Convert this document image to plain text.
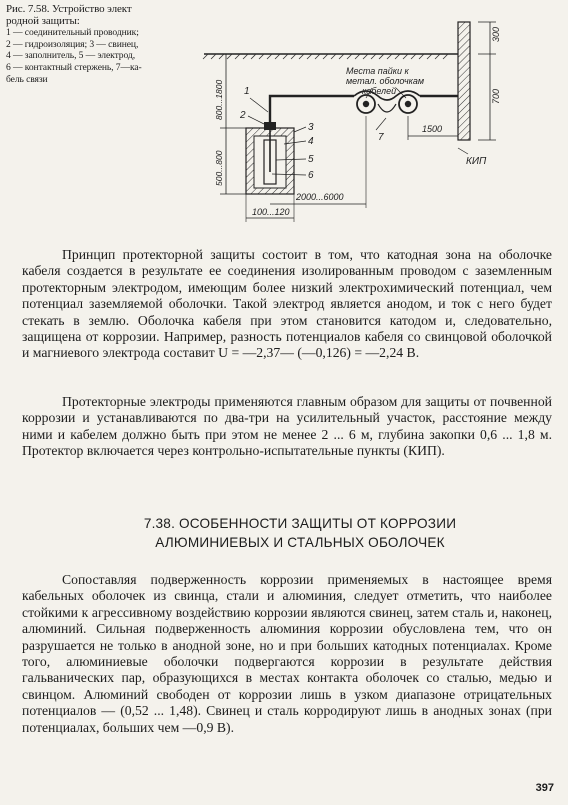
Рис. 7.58. Устройство элект
родной защиты:
1 — соединительный проводник;
2 — гидроизоляция; 3 — свинец,
4 — заполнитель, 5 — электрод,
6 — контактный стержень, 7—ка-
бель связи
300
700
Места пайки к
метал. оболочкам
кабелей
1500
7
КИП
1
2
3
4
5
6
800...1800
500...800
2000...6000
100...120

Принцип протекторной защиты состоит в том, что катодная зона на оболочке кабеля создается в результате ее соединения изолированным проводом с заземленным протекторным электродом, имеющим более низкий электрохимический потенциал, чем потенциал заземляемой оболочки. Такой электрод является анодом, и ток с него будет стекать в землю. Оболочка кабеля при этом становится катодом и, следовательно, защищена от коррозии. Например, разность потенциалов кабеля со свинцовой оболочкой и магниевого электрода составит U = —2,37— (—0,126) = —2,24 В.

Протекторные электроды применяются главным образом для защиты от почвенной коррозии и устанавливаются по два-три на усилительный участок, расстояние между ними и кабелем должно быть при этом не менее 2 ... 6 м, глубина закопки 0,6 ... 1,8 м. Протектор включается через контрольно-испытательные пункты (КИП).

7.38. ОСОБЕННОСТИ ЗАЩИТЫ ОТ КОРРОЗИИ
АЛЮМИНИЕВЫХ И СТАЛЬНЫХ ОБОЛОЧЕК

Сопоставляя подверженность коррозии применяемых в настоящее время кабельных оболочек из свинца, стали и алюминия, следует отметить, что наиболее стойкими к агрессивному воздействию коррозии являются свинец, затем сталь и, наконец, алюминий. Сильная подверженность алюминия коррозии обусловлена тем, что он разрушается не только в анодной зоне, но и при больших катодных потенциалах. Кроме того, алюминиевые оболочки подвергаются коррозии в результате действия гальванических пар, образующихся в местах контакта оболочек со сталью, медью и свинцом. Алюминий свободен от коррозии лишь в узком диапазоне отрицательных потенциалов — (0,52 ... 1,48). Свинец и сталь корродируют лишь в анодных зонах (при потенциалах, больших чем —0,9 В).

397
